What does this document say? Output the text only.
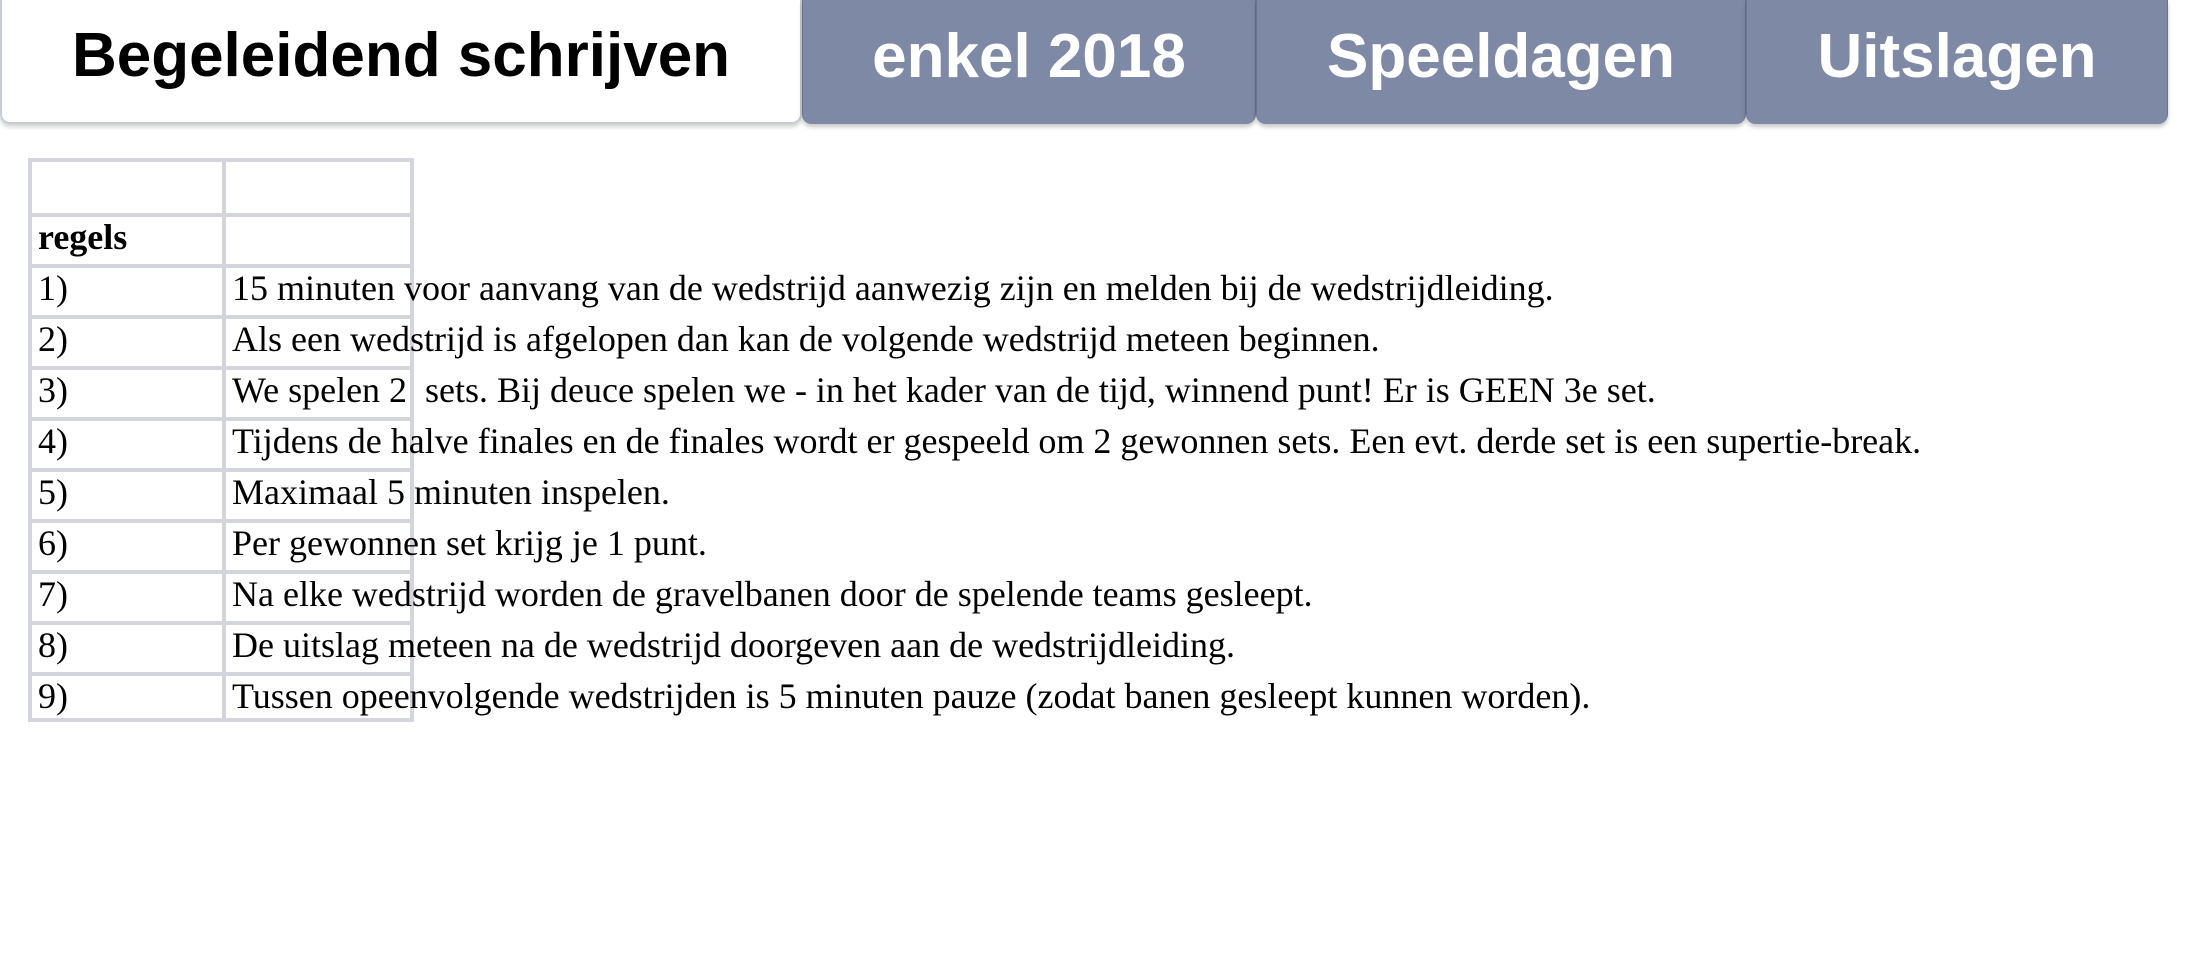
Begeleidend schrijven	enkel 2018	Speeldagen	Uitslagen
regels
1)	15 minuten voor aanvang van de wedstrijd aanwezig zijn en melden bij de wedstrijdleiding.
2)	Als een wedstrijd is afgelopen dan kan de volgende wedstrijd meteen beginnen.
3)	We spelen 2  sets. Bij deuce spelen we - in het kader van de tijd, winnend punt! Er is GEEN 3e set.
4)	Tijdens de halve finales en de finales wordt er gespeeld om 2 gewonnen sets. Een evt. derde set is een supertie-break.
5)	Maximaal 5 minuten inspelen.
6)	Per gewonnen set krijg je 1 punt.
7)	Na elke wedstrijd worden de gravelbanen door de spelende teams gesleept.
8)	De uitslag meteen na de wedstrijd doorgeven aan de wedstrijdleiding.
9)	Tussen opeenvolgende wedstrijden is 5 minuten pauze (zodat banen gesleept kunnen worden).
